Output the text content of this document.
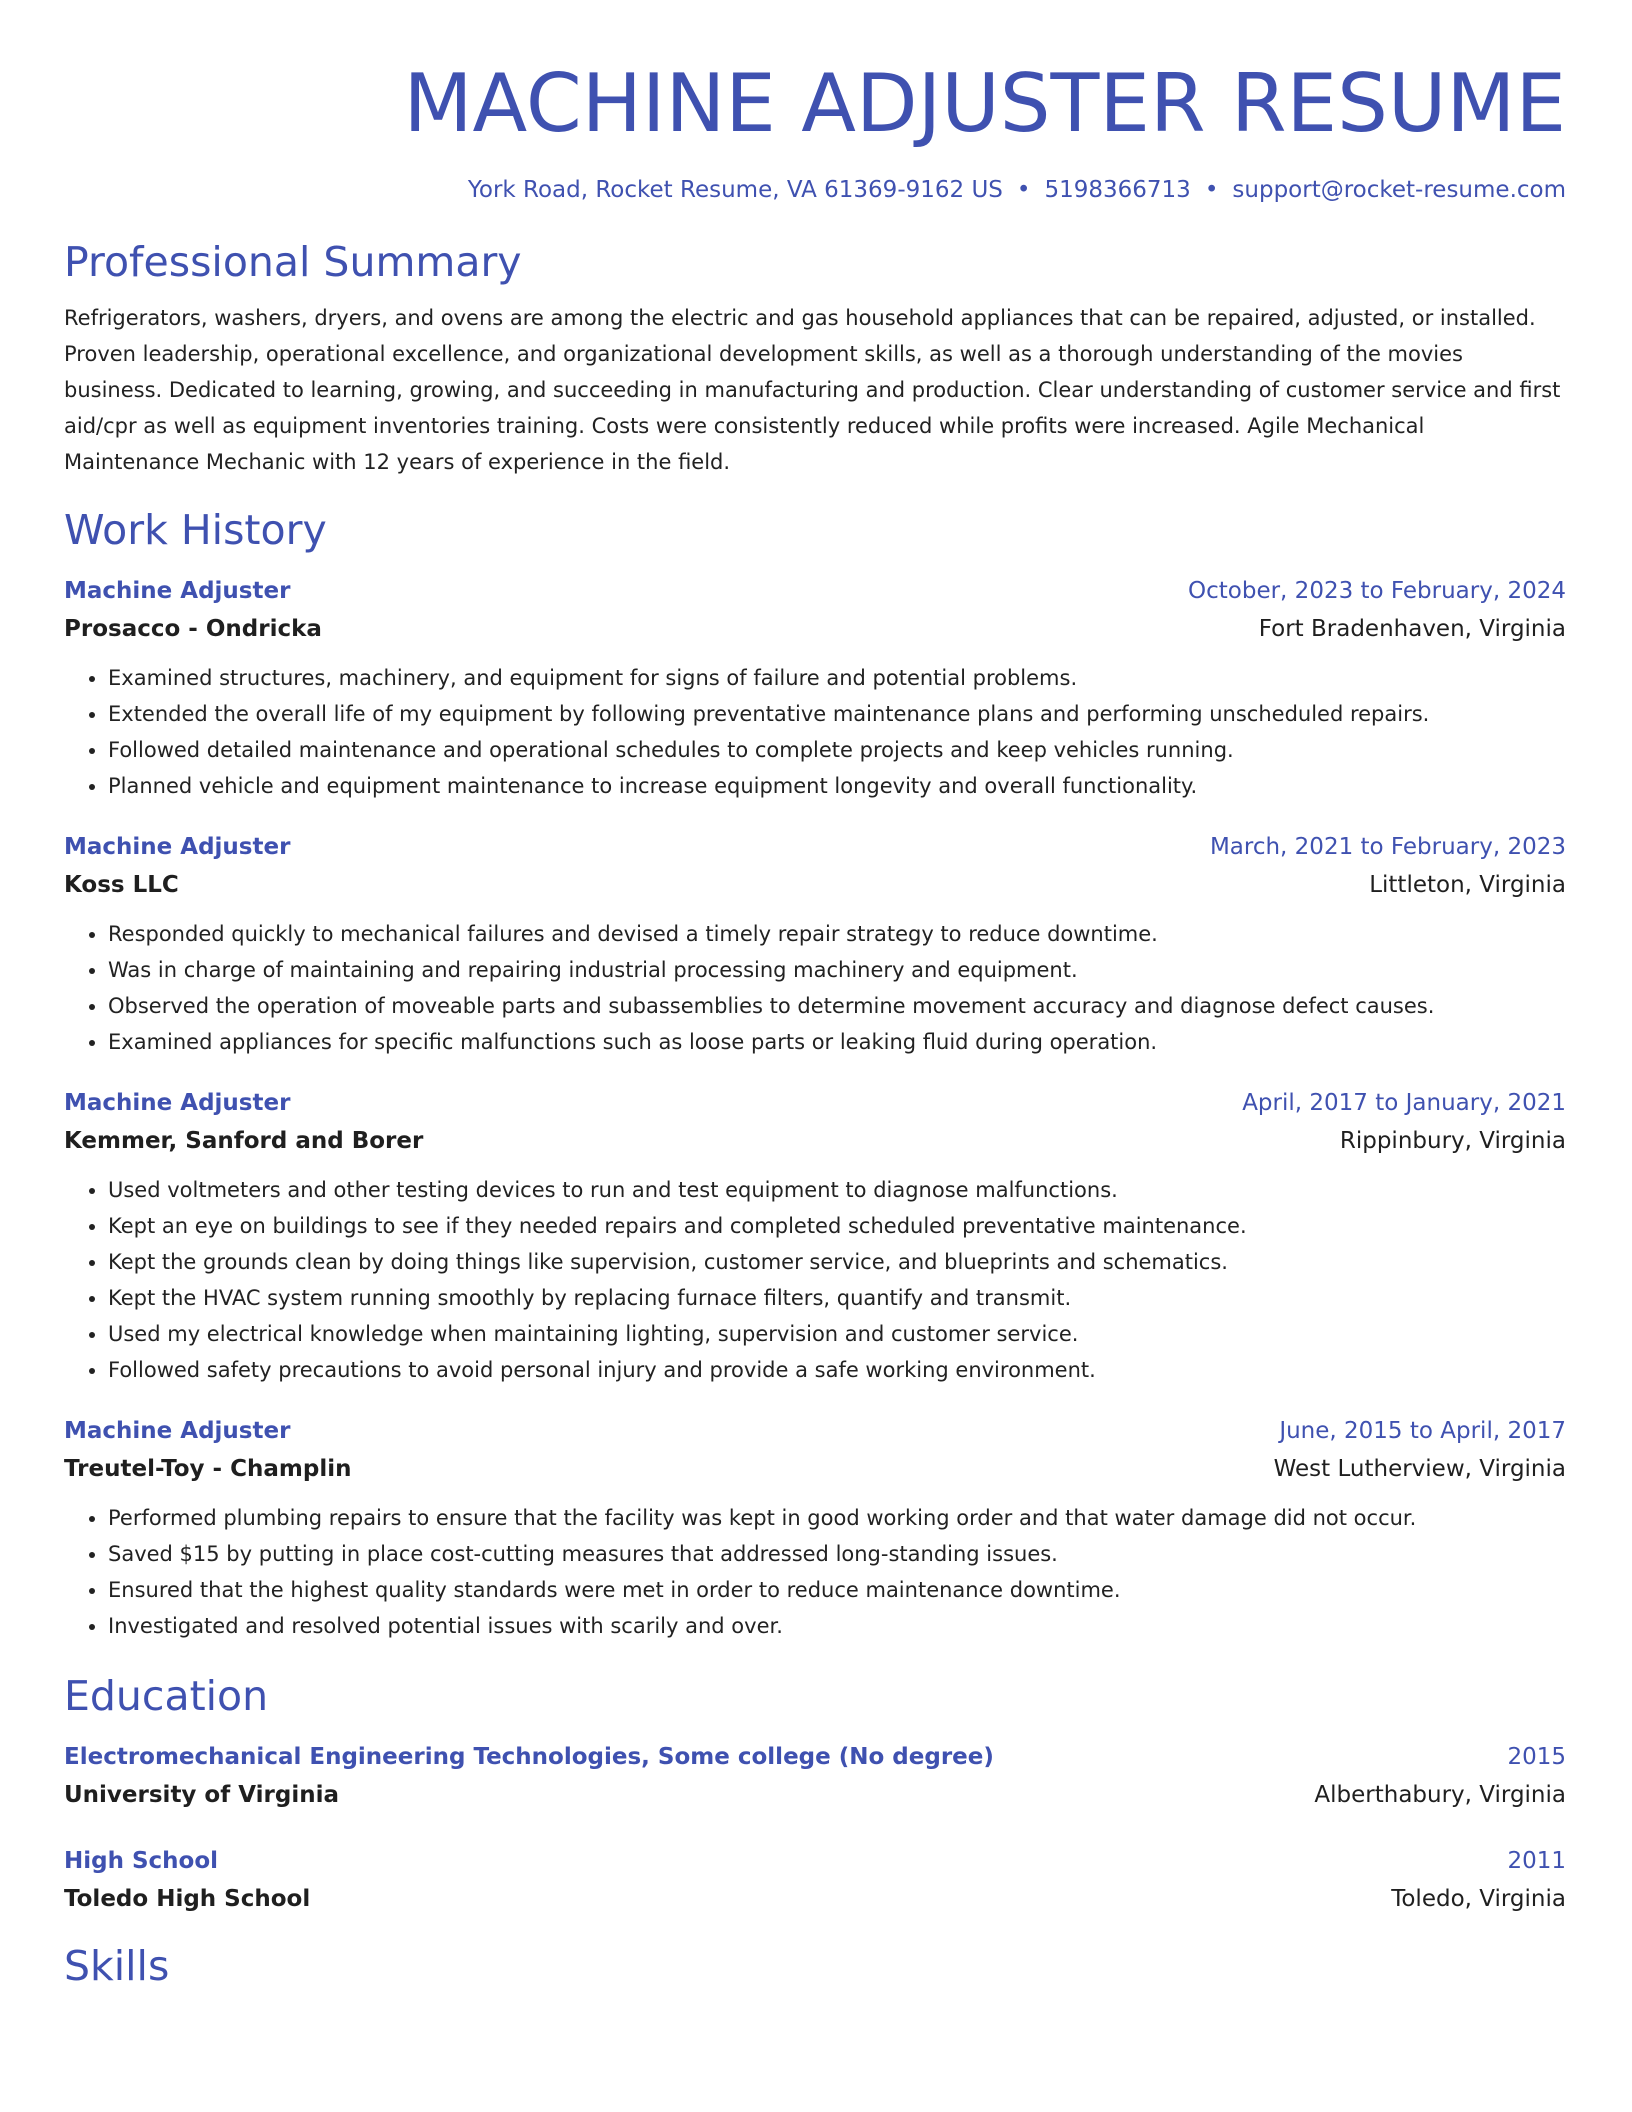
MACHINE ADJUSTER RESUME
York Road, Rocket Resume, VA 61369-9162 US • 5198366713 • support@rocket-resume.com
Professional Summary
Refrigerators, washers, dryers, and ovens are among the electric and gas household appliances that can be repaired, adjusted, or installed. Proven leadership, operational excellence, and organizational development skills, as well as a thorough understanding of the movies business. Dedicated to learning, growing, and succeeding in manufacturing and production. Clear understanding of customer service and first aid/cpr as well as equipment inventories training. Costs were consistently reduced while profits were increased. Agile Mechanical Maintenance Mechanic with 12 years of experience in the field.
Work History
Machine Adjuster	October, 2023 to February, 2024
Prosacco - Ondricka	Fort Bradenhaven, Virginia
• Examined structures, machinery, and equipment for signs of failure and potential problems.
• Extended the overall life of my equipment by following preventative maintenance plans and performing unscheduled repairs.
• Followed detailed maintenance and operational schedules to complete projects and keep vehicles running.
• Planned vehicle and equipment maintenance to increase equipment longevity and overall functionality.
Machine Adjuster	March, 2021 to February, 2023
Koss LLC	Littleton, Virginia
• Responded quickly to mechanical failures and devised a timely repair strategy to reduce downtime.
• Was in charge of maintaining and repairing industrial processing machinery and equipment.
• Observed the operation of moveable parts and subassemblies to determine movement accuracy and diagnose defect causes.
• Examined appliances for specific malfunctions such as loose parts or leaking fluid during operation.
Machine Adjuster	April, 2017 to January, 2021
Kemmer, Sanford and Borer	Rippinbury, Virginia
• Used voltmeters and other testing devices to run and test equipment to diagnose malfunctions.
• Kept an eye on buildings to see if they needed repairs and completed scheduled preventative maintenance.
• Kept the grounds clean by doing things like supervision, customer service, and blueprints and schematics.
• Kept the HVAC system running smoothly by replacing furnace filters, quantify and transmit.
• Used my electrical knowledge when maintaining lighting, supervision and customer service.
• Followed safety precautions to avoid personal injury and provide a safe working environment.
Machine Adjuster	June, 2015 to April, 2017
Treutel-Toy - Champlin	West Lutherview, Virginia
• Performed plumbing repairs to ensure that the facility was kept in good working order and that water damage did not occur.
• Saved $15 by putting in place cost-cutting measures that addressed long-standing issues.
• Ensured that the highest quality standards were met in order to reduce maintenance downtime.
• Investigated and resolved potential issues with scarily and over.
Education
Electromechanical Engineering Technologies, Some college (No degree)	2015
University of Virginia	Alberthabury, Virginia
High School	2011
Toledo High School	Toledo, Virginia
Skills
